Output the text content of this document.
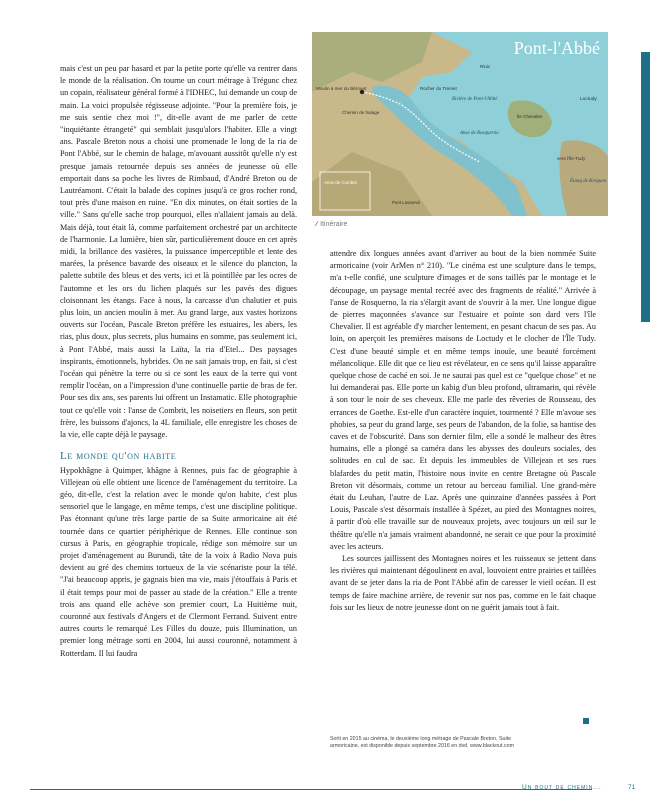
mais c'est un peu par hasard et par la petite porte qu'elle va rentrer dans le monde de la réalisation. On tourne un court métrage à Trégunc chez un copain, réalisateur général formé à l'IDHEC, lui demande un coup de main. La voici propulsée régisseuse adjointe. "Pour la première fois, je me suis sentie chez moi !", dit-elle avant de me parler de cette "inquiétante étrangeté" qui semblait jusqu'alors l'habiter. Elle a vingt ans. Pascale Breton nous a choisi une promenade le long de la ria de Pont l'Abbé, sur le chemin de halage, m'avouant aussitôt qu'elle n'y est presque jamais retournée depuis ses années de jeunesse où elle emportait dans sa poche les livres de Rimbaud, d'André Breton ou de Lautréamont. C'était la balade des copines jusqu'à ce gros rocher rond, tout près d'une maison en ruine. "En dix minutes, on était sorties de la ville." Sans qu'elle sache trop pourquoi, elles n'allaient jamais au delà. Mais déjà, tout était là, comme parfaitement orchestré par un architecte de l'harmonie. La lumière, bien sûr, particulièrement douce en cet après midi, la brillance des vasières, la puissance imperceptible et lente des marées, la présence bavarde des oiseaux et le silence du plancton, la palette subtile des bleus et des verts, ici et là pointillée par les ocres de l'automne et les ors du lichen plaqués sur les pavés des digues cloisonnant les étangs. Face à nous, la carcasse d'un chalutier et puis plus loin, un ancien moulin à mer. Au grand large, aux vastes horizons ouverts sur l'océan, Pascale Breton préfère les estuaires, les abers, les rias, plus doux, plus secrets, plus humains en somme, pas seulement ici, à Pont l'Abbé, mais aussi la Laïta, la ria d'Etel... Des paysages inspirants, émotionnels, hybrides. On ne sait jamais trop, en fait, si c'est l'océan qui pénètre la terre ou si ce sont les eaux de la terre qui vont remplir l'océan, on a l'impression d'une continuelle partie de bras de fer. Pour ses dix ans, ses parents lui offrent un Instamatic. Elle photographie tout ce qu'elle voit : l'anse de Combrit, les noisetiers en fleurs, son petit frère, les buissons d'ajoncs, la 4L familiale, elle enregistre les choses de la vie, elle capte déjà le paysage.

Le monde qu'on habite

Hypokhâgne à Quimper, khâgne à Rennes, puis fac de géographie à Villejean où elle obtient une licence de l'aménagement du territoire. La géo, dit-elle, c'est la relation avec le monde qu'on habite, c'est plus sensoriel que le langage, en même temps, c'est une discipline politique. Pas étonnant qu'une très large partie de sa Suite armoricaine ait été tournée dans ce quartier périphérique de Rennes. Elle continue son cursus à Paris, en géographie tropicale, rédige son mémoire sur un projet d'aménagement au Burundi, tâte de la voix à Radio Nova puis devient au gré des chemins tortueux de la vie scénariste pour la télé. "J'ai beaucoup appris, je gagnais bien ma vie, mais j'étouffais à Paris et il était temps pour moi de passer au stade de la création." Elle a trente trois ans quand elle achève son premier court, La Huitième nuit, couronné aux festivals d'Angers et de Clermont Ferrand. Suivent entre autres courts le remarqué Les Filles du douze, puis Illumination, un premier long métrage sorti en 2004, lui aussi couronné, notamment à Rotterdam. Il lui faudra

Pont-l'Abbé
Moulin à mer du Bérouet	Rocher du Tremet
Chemin de halage
Rinic
Rivière de Pont-l'Abbé
Anse de Rosquerno
Loctudy
vers l'Île-Tudy
Île Chevalier
Étang de Kerguen
Anse de Combrit
Pont Lasservé
∕ Itinéraire

attendre dix longues années avant d'arriver au bout de la bien nommée Suite armoricaine (voir ArMen n° 210). "Le cinéma est une sculpture dans le temps, m'a t-elle confié, une sculpture d'images et de sons taillés par le montage et le découpage, un paysage mental recréé avec des fragments de réalité." Arrivée à l'anse de Rosquerno, la ria s'élargit avant de s'ouvrir à la mer. Une longue digue de pierres maçonnées s'avance sur l'estuaire et pointe son dard vers l'île Chevalier. Il est agréable d'y marcher lentement, en pesant chacun de ses pas. Au loin, on aperçoit les premières maisons de Loctudy et le clocher de l'Île Tudy. C'est d'une beauté simple et en même temps inouïe, une beauté forcément mélancolique. Elle dit que ce lieu est révélateur, en ce sens qu'il laisse apparaître quelque chose de caché en soi. Je ne saurai pas quel est ce "quelque chose" et ne lui demanderai pas. Elle porte un kabig d'un bleu profond, ultramarin, qui révèle à son tour le noir de ses cheveux. Elle me parle des rêveries de Rousseau, des errances de Goethe. Est-elle d'un caractère inquiet, tourmenté ? Elle m'avoue ses phobies, sa peur du grand large, ses peurs de l'abandon, de la folie, sa hantise des caves et de l'obscurité. Dans son dernier film, elle a sondé le malheur des êtres humains, elle a plongé sa caméra dans les abysses des douleurs sociales, des solitudes en cul de sac. Et depuis les immeubles de Villejean et ses rues blafardes du petit matin, l'histoire nous invite en centre Bretagne où Pascale Breton vit désormais, comme un retour au berceau familial. Une grand-mère était du Leuhan, l'autre de Laz. Après une quinzaine d'années passées à Port Louis, Pascale s'est désormais installée à Spézet, au pied des Montagnes noires, à partir d'où elle travaille sur de nouveaux projets, avec toujours un œil sur le théâtre qu'elle n'a jamais vraiment abandonné, ne serait ce que pour la proximité avec les acteurs.

Les sources jaillissent des Montagnes noires et les ruisseaux se jettent dans les rivières qui maintenant dégoulinent en aval, louvoient entre prairies et taillées avant de se jeter dans la ria de Pont l'Abbé afin de caresser le vieil océan. Il est temps de faire machine arrière, de revenir sur nos pas, comme en le fait chaque fois sur les lieux de notre jeunesse dont on ne guérit jamais tout à fait.

Sorti en 2015 au cinéma, le deuxième long métrage de Pascale Breton, Suite armoricaine, est disponible depuis septembre 2016 en dvd. www.blackout.com
Un bout de chemin...	71
